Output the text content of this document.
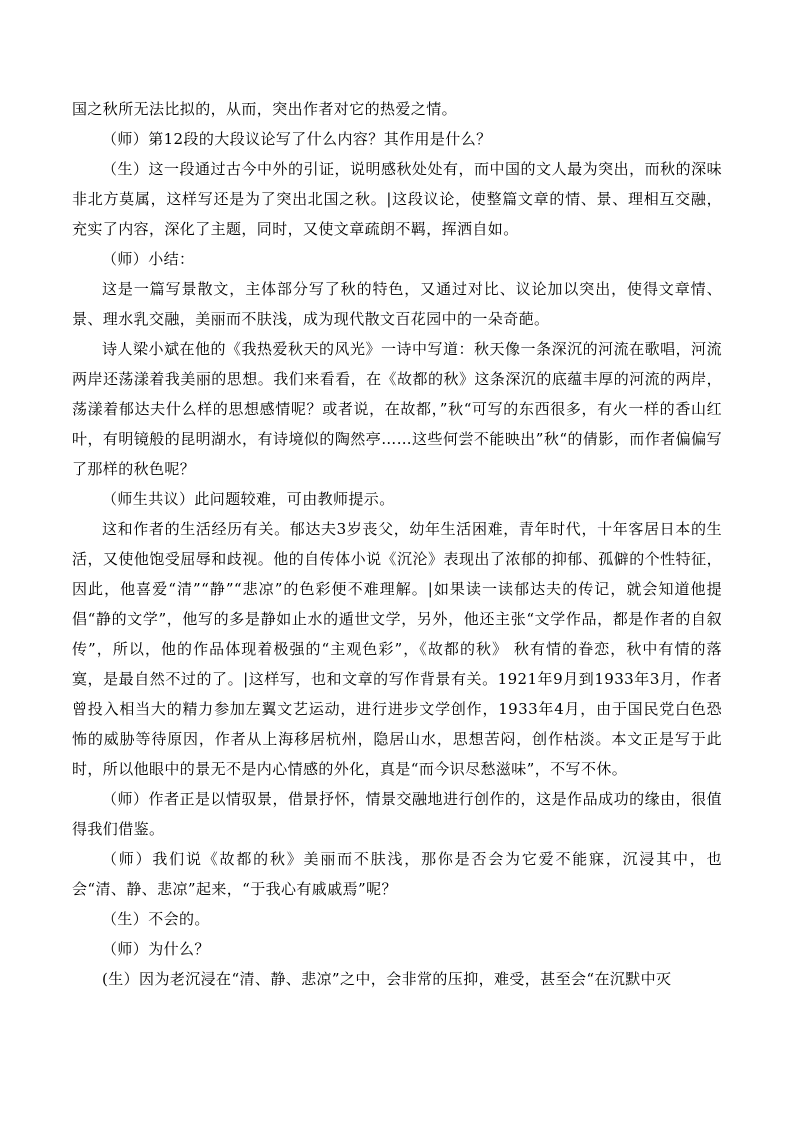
国之秋所无法比拟的，从而，突出作者对它的热爱之情。

（师）第12段的大段议论写了什么内容？其作用是什么？

（生）这一段通过古今中外的引证，说明感秋处处有，而中国的文人最为突出，而秋的深味非北方莫属，这样写还是为了突出北国之秋。|这段议论，使整篇文章的情、景、理相互交融，充实了内容，深化了主题，同时，又使文章疏朗不羁，挥洒自如。

（师）小结：

这是一篇写景散文，主体部分写了秋的特色，又通过对比、议论加以突出，使得文章情、景、理水乳交融，美丽而不肤浅，成为现代散文百花园中的一朵奇葩。

诗人梁小斌在他的《我热爱秋天的风光》一诗中写道：秋天像一条深沉的河流在歌唱，河流两岸还荡漾着我美丽的思想。我们来看看，在《故都的秋》这条深沉的底蕴丰厚的河流的两岸，荡漾着郁达夫什么样的思想感情呢？或者说，在故都，”秋“可写的东西很多，有火一样的香山红叶，有明镜般的昆明湖水，有诗境似的陶然亭……这些何尝不能映出”秋“的倩影，而作者偏偏写了那样的秋色呢？

（师生共议）此问题较难，可由教师提示。

这和作者的生活经历有关。郁达夫3岁丧父，幼年生活困难，青年时代，十年客居日本的生活，又使他饱受屈辱和歧视。他的自传体小说《沉沦》表现出了浓郁的抑郁、孤僻的个性特征，因此，他喜爱“清”“静”“悲凉”的色彩便不难理解。|如果读一读郁达夫的传记，就会知道他提倡“静的文学”，他写的多是静如止水的遁世文学，另外，他还主张“文学作品，都是作者的自叙传”，所以，他的作品体现着极强的“主观色彩”，《故都的秋》 秋有情的眷恋，秋中有情的落寞，是最自然不过的了。|这样写，也和文章的写作背景有关。1921年9月到1933年3月，作者曾投入相当大的精力参加左翼文艺运动，进行进步文学创作，1933年4月，由于国民党白色恐怖的威胁等待原因，作者从上海移居杭州，隐居山水，思想苦闷，创作枯淡。本文正是写于此时，所以他眼中的景无不是内心情感的外化，真是“而今识尽愁滋味”，不写不休。

（师）作者正是以情驭景，借景抒怀，情景交融地进行创作的，这是作品成功的缘由，很值得我们借鉴。

（师）我们说《故都的秋》美丽而不肤浅，那你是否会为它爱不能寐，沉浸其中，也会“清、静、悲凉”起来，“于我心有戚戚焉”呢？

（生）不会的。

（师）为什么？

(生）因为老沉浸在“清、静、悲凉”之中，会非常的压抑，难受，甚至会“在沉默中灭
